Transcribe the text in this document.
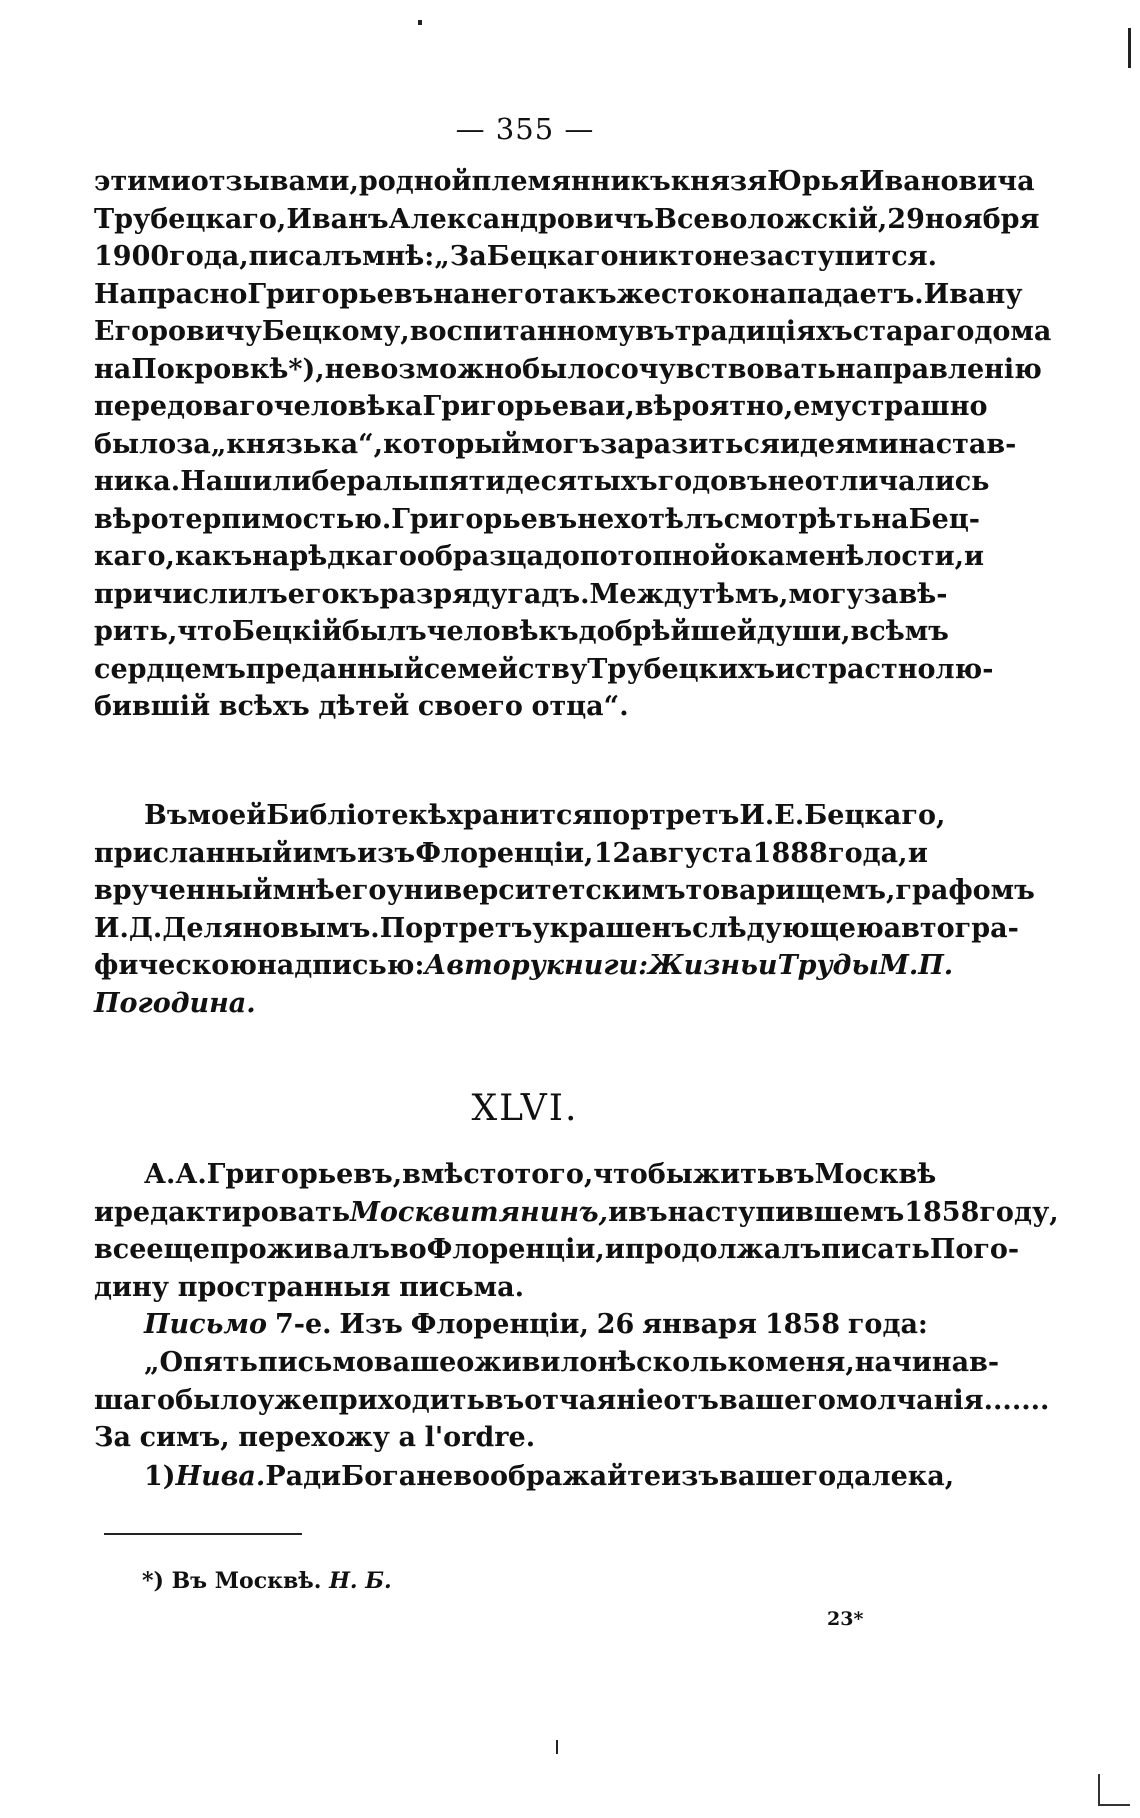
— 355 —
этими отзывами, родной племянникъ князя Юрья Ивановича
Трубецкаго, Иванъ Александровичъ Всеволожскій, 29 ноября
1900 года, писалъ мнѣ: „За Бецкаго никто не заступится.
Напрасно Григорьевъ на него такъ жестоко нападаетъ. Ивану
Егоровичу Бецкому, воспитанному въ традиціяхъ стараго дома
на Покровкѣ *), невозможно было сочувствовать направленію
передоваго человѣка Григорьева и, вѣроятно, ему страшно
было за „князька“, который могъ заразиться идеями настав-
ника. Наши либералы пятидесятыхъ годовъ не отличались
вѣротерпимостью. Григорьевъ не хотѣлъ смотрѣть на Бец-
каго, какъ на рѣдкаго образца допотопной окаменѣлости, и
причислилъ его къ разряду гадъ. Между тѣмъ, могу завѣ-
рить, что Бецкій былъ человѣкъ добрѣйшей души, всѣмъ
сердцемъ преданный семейству Трубецкихъ и страстно лю-
бившій всѣхъ дѣтей своего отца“.
Въ моей Библіотекѣ хранится портретъ И. Е. Бецкаго,
присланный имъ изъ Флоренціи, 12 августа 1888 года, и
врученный мнѣ его университетскимъ товарищемъ, графомъ
И. Д. Деляновымъ. Портретъ украшенъ слѣдующею автогра-
фическою надписью: Автору книги: Жизнь и Труды М. П.
Погодина.
XLVI.
А. А. Григорьевъ, вмѣсто того, чтобы жить въ Москвѣ
и редактировать Москвитянинъ, и въ наступившемъ 1858 году,
все еще проживалъ во Флоренціи, и продолжалъ писать Пого-
дину пространныя письма.
Письмо 7-е. Изъ Флоренціи, 26 января 1858 года:
„Опять письмо ваше оживило нѣсколько меня, начинав-
шаго было уже приходить въ отчаяніе отъ вашего молчанія.......
За симъ, перехожу а l'ordre.
1) Нива. Ради Бога не воображайте изъ вашего далека,
*) Въ Москвѣ. Н. Б.
23*
